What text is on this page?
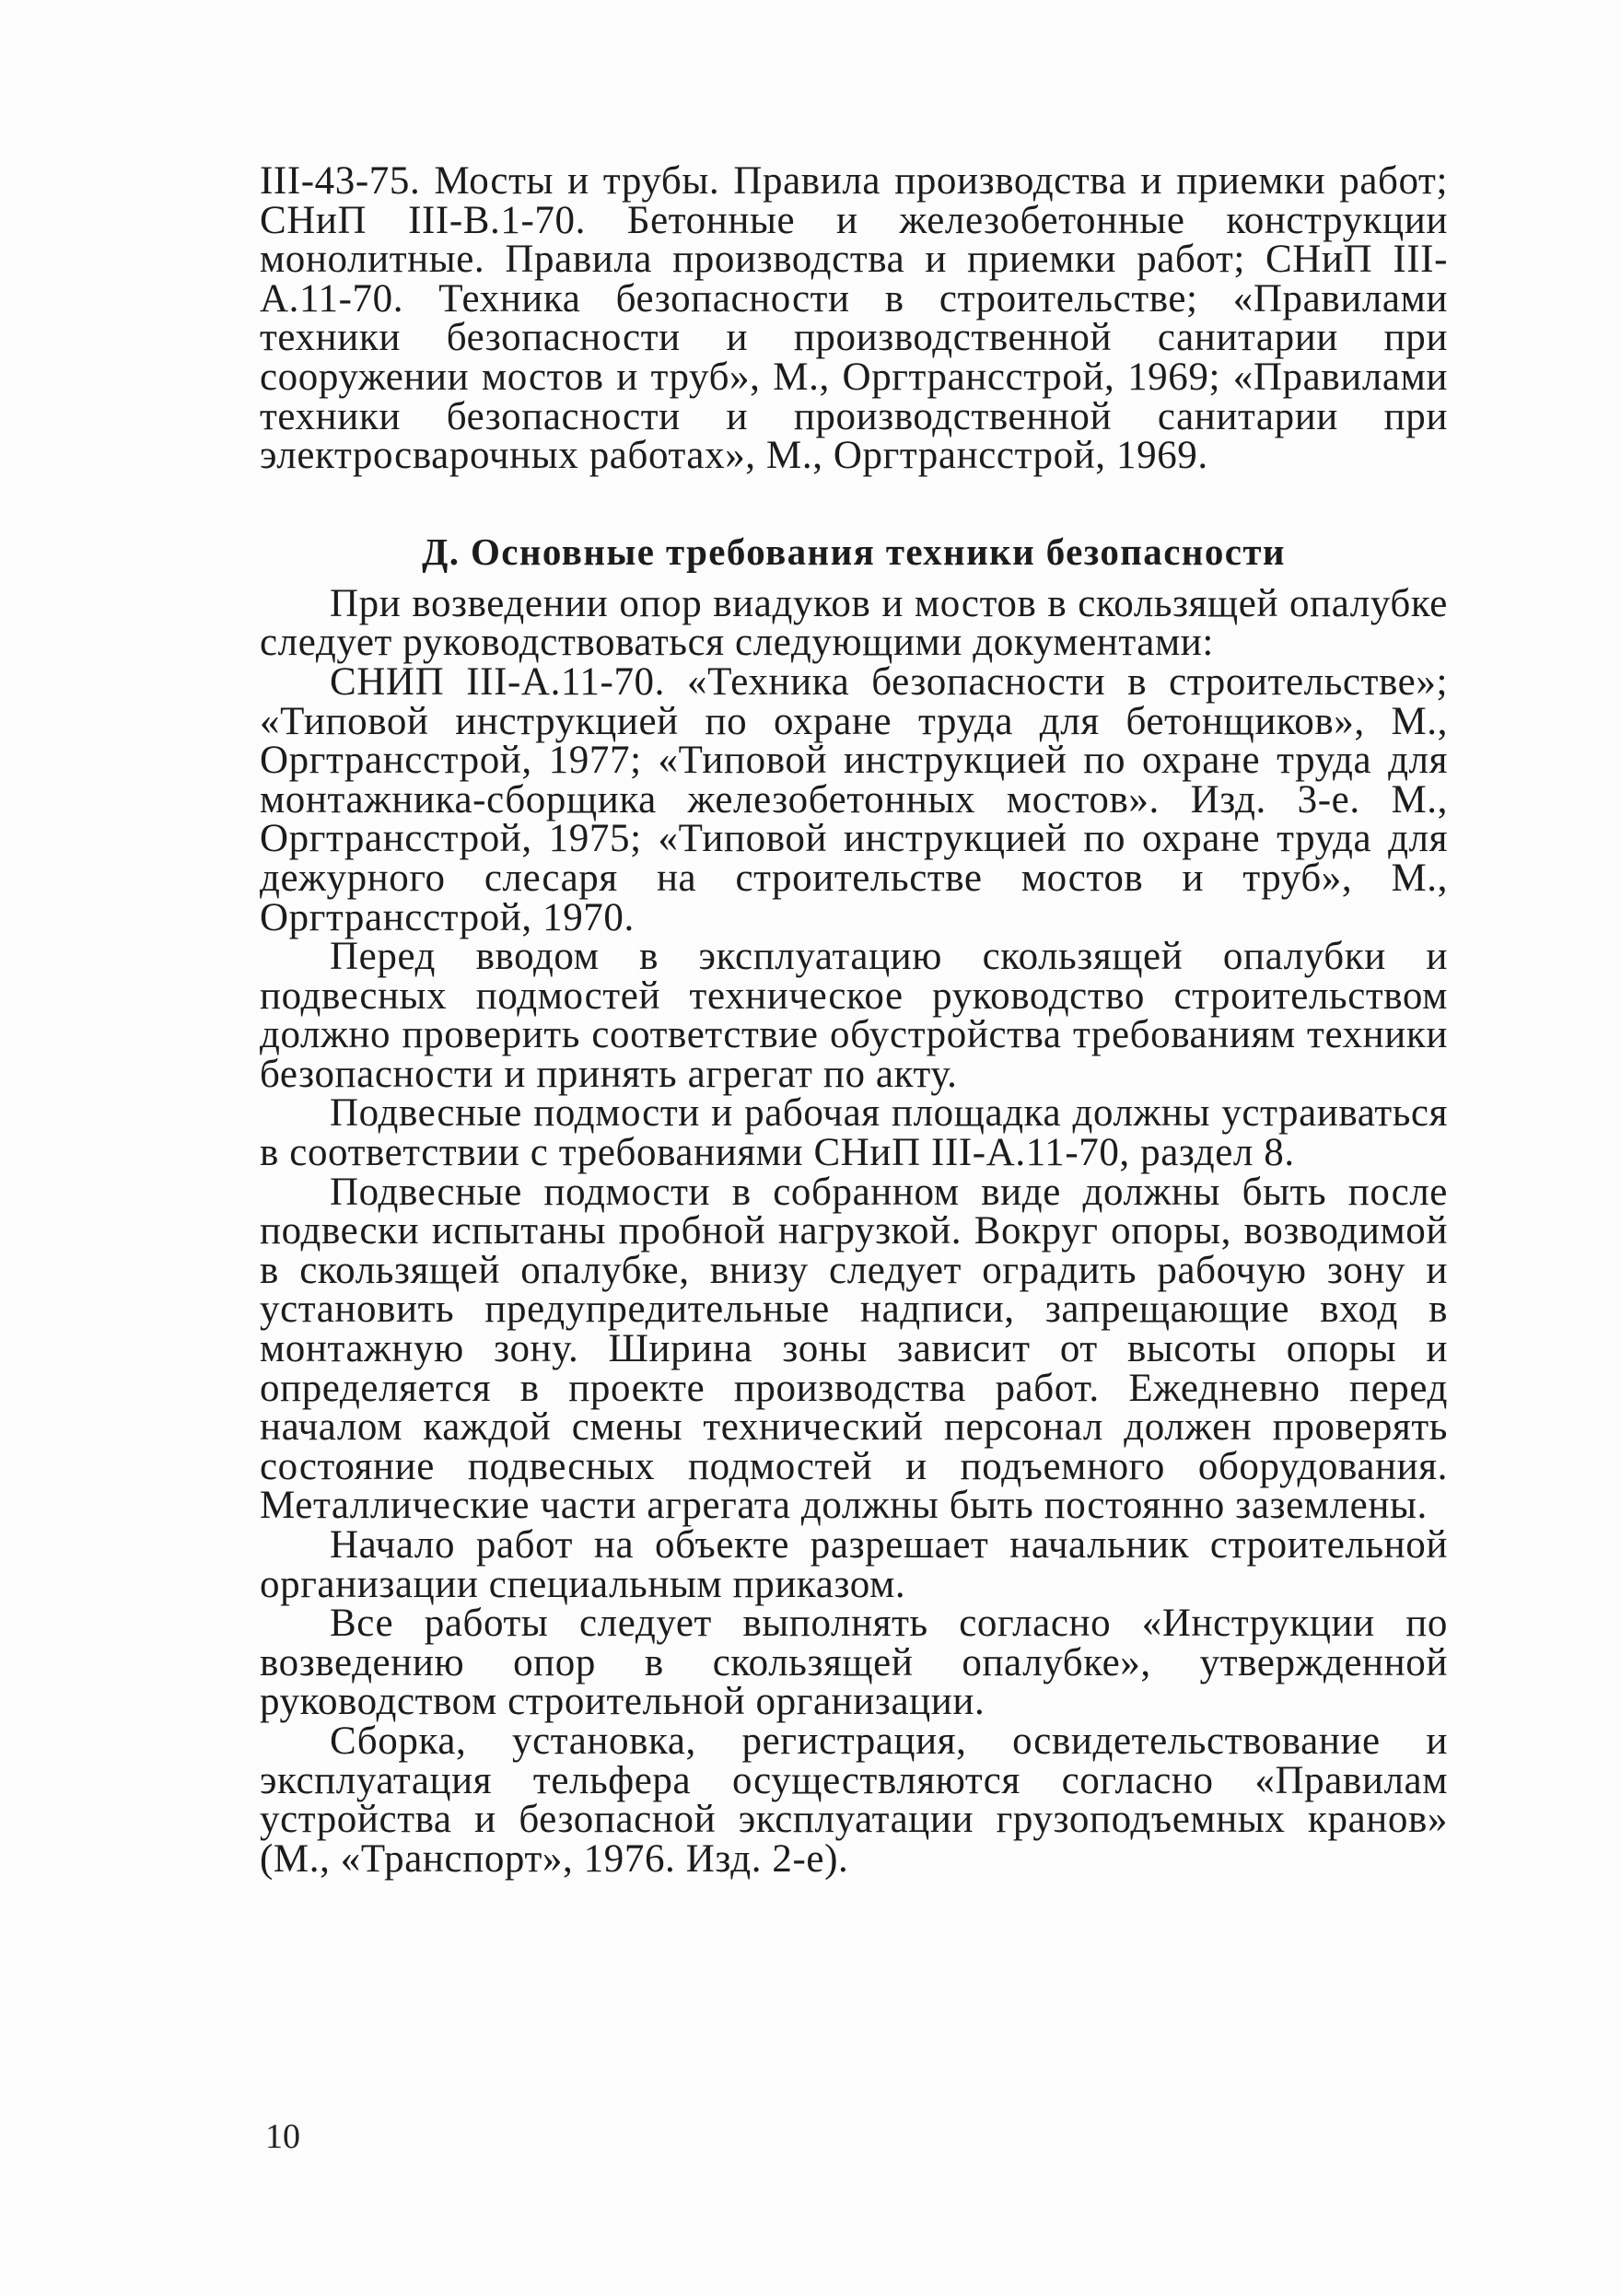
III-43-75. Мосты и трубы. Правила производства и приемки работ; СНиП III-В.1-70. Бетонные и железобетонные конструкции монолитные. Правила производства и приемки работ; СНиП III-А.11-70. Техника безопасности в строительстве; «Правилами техники безопасности и производственной санитарии при сооружении мостов и труб», М., Оргтрансстрой, 1969; «Правилами техники безопасности и производственной санитарии при электросварочных работах», М., Оргтрансстрой, 1969.

Д. Основные требования техники безопасности

При возведении опор виадуков и мостов в скользящей опалубке следует руководствоваться следующими документами:

СНИП III-А.11-70. «Техника безопасности в строительстве»; «Типовой инструкцией по охране труда для бетонщиков», М., Оргтрансстрой, 1977; «Типовой инструкцией по охране труда для монтажника-сборщика железобетонных мостов». Изд. 3-е. М., Оргтрансстрой, 1975; «Типовой инструкцией по охране труда для дежурного слесаря на строительстве мостов и труб», М., Оргтрансстрой, 1970.

Перед вводом в эксплуатацию скользящей опалубки и подвесных подмостей техническое руководство строительством должно проверить соответствие обустройства требованиям техники безопасности и принять агрегат по акту.

Подвесные подмости и рабочая площадка должны устраиваться в соответствии с требованиями СНиП III-А.11-70, раздел 8.

Подвесные подмости в собранном виде должны быть после подвески испытаны пробной нагрузкой. Вокруг опоры, возводимой в скользящей опалубке, внизу следует оградить рабочую зону и установить предупредительные надписи, запрещающие вход в монтажную зону. Ширина зоны зависит от высоты опоры и определяется в проекте производства работ. Ежедневно перед началом каждой смены технический персонал должен проверять состояние подвесных подмостей и подъемного оборудования. Металлические части агрегата должны быть постоянно заземлены.

Начало работ на объекте разрешает начальник строительной организации специальным приказом.

Все работы следует выполнять согласно «Инструкции по возведению опор в скользящей опалубке», утвержденной руководством строительной организации.

Сборка, установка, регистрация, освидетельствование и эксплуатация тельфера осуществляются согласно «Правилам устройства и безопасной эксплуатации грузоподъемных кранов» (М., «Транспорт», 1976. Изд. 2-е).

10
